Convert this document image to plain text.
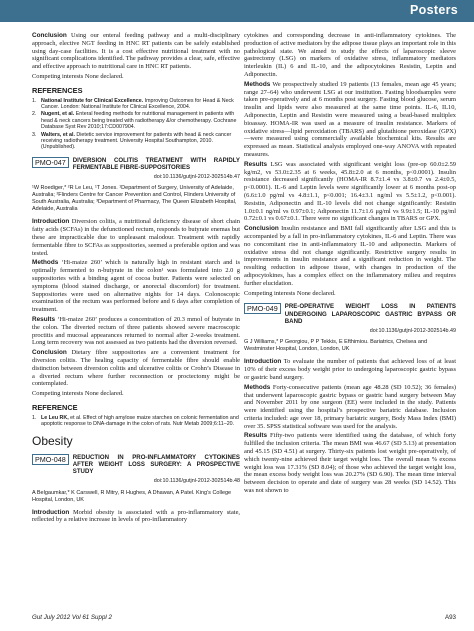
Posters

Conclusion Using our enteral feeding pathway and a multi-disciplinary approach, elective NGT feeding in HNC RT patients can be safely established using day-case facilities. It is a cost effective nutritional treatment with no significant complications identified. The pathway provides a clear, safe, effective and effective approach to nutritional care in HNC RT patients.

Competing interests None declared.

REFERENCES
1. National Institute for Clinical Excellence. Improving Outcomes for Head & Neck Cancer. London: National Institute for Clinical Excellence, 2004.
2. Nugent, et al. Enteral feeding methods for nutritional management in patients with head & neck cancers being treated with radiotherapy &/or chemotherapy. Cochrane Database Syst Rev 2010;17:CD007904.
3. Walters, et al. Dietetic service improvement for patients with head & neck cancer receiving radiotherapy treatment. University Hospital Southampton, 2010. (Unpublished).
PMO-047	DIVERSION COLITIS TREATMENT WITH RAPIDLY FERMENTABLE FIBRE-SUPPOSITORIES
doi:10.1136/gutjnl-2012-302514b.47
¹W Roediger,* ²R Le Leu, ¹T Jones. ¹Department of Surgery, University of Adelaide, Australia; ²Flinders Centre for Cancer Prevention and Control, Flinders University of South Australia, Australia; ³Department of Pharmacy, The Queen Elizabeth Hospital, Adelaide, Australia

Introduction Diversion colitis, a nutritional deficiency disease of short chain fatty acids (SCFAs) in the defunctioned rectum, responds to butyrate enemas but these are impracticable due to unpleasant malodour. Treatment with rapidly fermentable fibre to SCFAs as suppositories, seemed a preferable option and was tested.

Methods ‘Hi-maize 260’ which is naturally high in resistant starch and is optimally fermented to n-butyrate in the colon¹ was formulated into 2.0 g suppositories with a binding agent of cocoa butter. Patients were selected on symptoms (blood stained discharge, or anorectal discomfort) for treatment. Suppositories were used on alternative nights for 14 days. Colonoscopic examination of the rectum was performed before and 6 days after completion of treatment.

Results ‘Hi-maize 260’ produces a concentration of 20.3 mmol of butyrate in the colon. The diverted rectum of three patients showed severe macroscopic proctitis and mucosal appearances returned to normal after 2-weeks treatment. Long term recovery was not assessed as two patients had the diversion reversed.

Conclusion Dietary fibre suppositories are a convenient treatment for diversion colitis. The healing capacity of fermentable fibre should enable distinction between diversion colitis and ulcerative colitis or Crohn’s Disease in a diverted rectum where further reconnection or proctectomy might be contemplated.

Competing interests None declared.

REFERENCE
1. Le Leu RK, et al. Effect of high amylose maize starches on colonic fermentation and apoptotic response to DNA-damage in the colon of rats. Nutr Metab 2009;6:11–20.
Obesity
PMO-048	REDUCTION IN PRO-INFLAMMATORY CYTOKINES AFTER WEIGHT LOSS SURGERY: A PROSPECTIVE STUDY
doi:10.1136/gutjnl-2012-302514b.48
A Belgaumkar,* K Carswell, R Mitry, R Hughes, A Dhawan, A Patel. King’s College Hospital, London, UK

Introduction Morbid obesity is associated with a pro-inflammatory state, reflected by a relative increase in levels of pro-inflammatory

cytokines and corresponding decrease in anti-inflammatory cytokines. The production of active mediators by the adipose tissue plays an important role in this pathological state. We aimed to study the effects of laparoscopic sleeve gastrectomy (LSG) on markers of oxidative stress, inflammatory mediators interleukin (IL) 6 and IL-10, and the adipocytokines Resistin, Leptin and Adiponectin.

Methods We prospectively studied 19 patients (13 females, mean age 45 years; range 27–64) who underwent LSG at our institution. Fasting bloodsamples were taken pre-operatively and at 6 months post surgery. Fasting blood glucose, serum insulin and lipids were also measured at the same time points. IL-6, IL10, Adiponectin, Leptin and Resistin were measured using a bead-based multiplex bioassay. HOMA-IR was used as a measure of insulin resistance. Markers of oxidative stress—lipid peroxidation (TBARS) and glutathione peroxidase (GPX)—were measured using commercially available biochemical kits. Results are expressed as mean. Statistical analysis employed one-way ANOVA with repeated measures.

Results LSG was associated with significant weight loss (pre-op 60.0±2.59 kg/m2, vs 53.0±2.35 at 6 weeks, 45.8±2.0 at 6 months, p<0.0001). Insulin resistance decreased significantly (HOMA-IR 8.7±1.4 vs 3.8±0.7 vs 2.4±0.5, p<0.0001). IL-6 and Leptin levels were significantly lower at 6 months post-op (6.6±1.0 pg/ml vs 4.8±1.1, p<0.001; 16.4±3.1 ng/ml vs 5.5±1.2, p<0.001). Resistin, Adiponectin and IL-10 levels did not change significantly: Resistin 1.0±0.1 ng/ml vs 0.97±0.1; Adiponectin 11.7±1.6 μg/ml vs 9.9±1.5; IL-10 pg/ml 0.72±0.1 vs 0.67±0.1. There were no significant changes in TBARS or GPX.

Conclusion Insulin resistance and BMI fall significantly after LSG and this is accompanied by a fall in pro-inflammatory cytokines, IL-6 and Leptin. There was no concomitant rise in anti-inflammatory IL-10 and adiponectin. Markers of oxidative stress did not change significantly. Restrictive surgery results in improvements in insulin resistance and a significant reduction in weight. The resulting reduction in adipose tissue, with changes in production of the adipocytokines, has a complex effect on the inflammatory milieu and requires further elucidation.

Competing interests None declared.

PMO-049	PRE-OPERATIVE WEIGHT LOSS IN PATIENTS UNDERGOING LAPAROSCOPIC GASTRIC BYPASS OR BAND
doi:10.1136/gutjnl-2012-302514b.49
G J Williams,* P Georgiou, P P Tekkis, E Efthimiou. Bariatrics, Chelsea and Westminster Hospital, London, London, UK

Introduction To evaluate the number of patients that achieved loss of at least 10% of their excess body weight prior to undergoing laparoscopic gastric bypass or gastric band surgery.

Methods Forty-consecutive patients (mean age 48.28 (SD 10.52); 36 females) that underwent laparoscopic gastric bypass or gastric band surgery between May and November 2011 by one surgeon (EE) were included in the study. Patients were identified using the hospital’s prospective bariatric database. Inclusion criteria included: age over 18, primary bariatric surgery, Body Mass Index (BMI) over 35. SPSS statistical software was used for the analysis.

Results Fifty-two patients were identified using the database, of which forty fulfilled the inclusion criteria. The mean BMI was 46.67 (SD 5.13) at presentation and 45.15 (SD 4.51) at surgery. Thirty-six patients lost weight pre-operatively, of which twenty-nine achieved their target weight loss. The overall mean % excess weight loss was 17.31% (SD 8.04); of those who achieved the target weight loss, the mean excess body weight loss was 20.27% (SD 6.90). The mean time interval between decision to operate and date of surgery was 28 weeks (SD 14.52). This was not shown to

Gut July 2012 Vol 61 Suppl 2	A93
